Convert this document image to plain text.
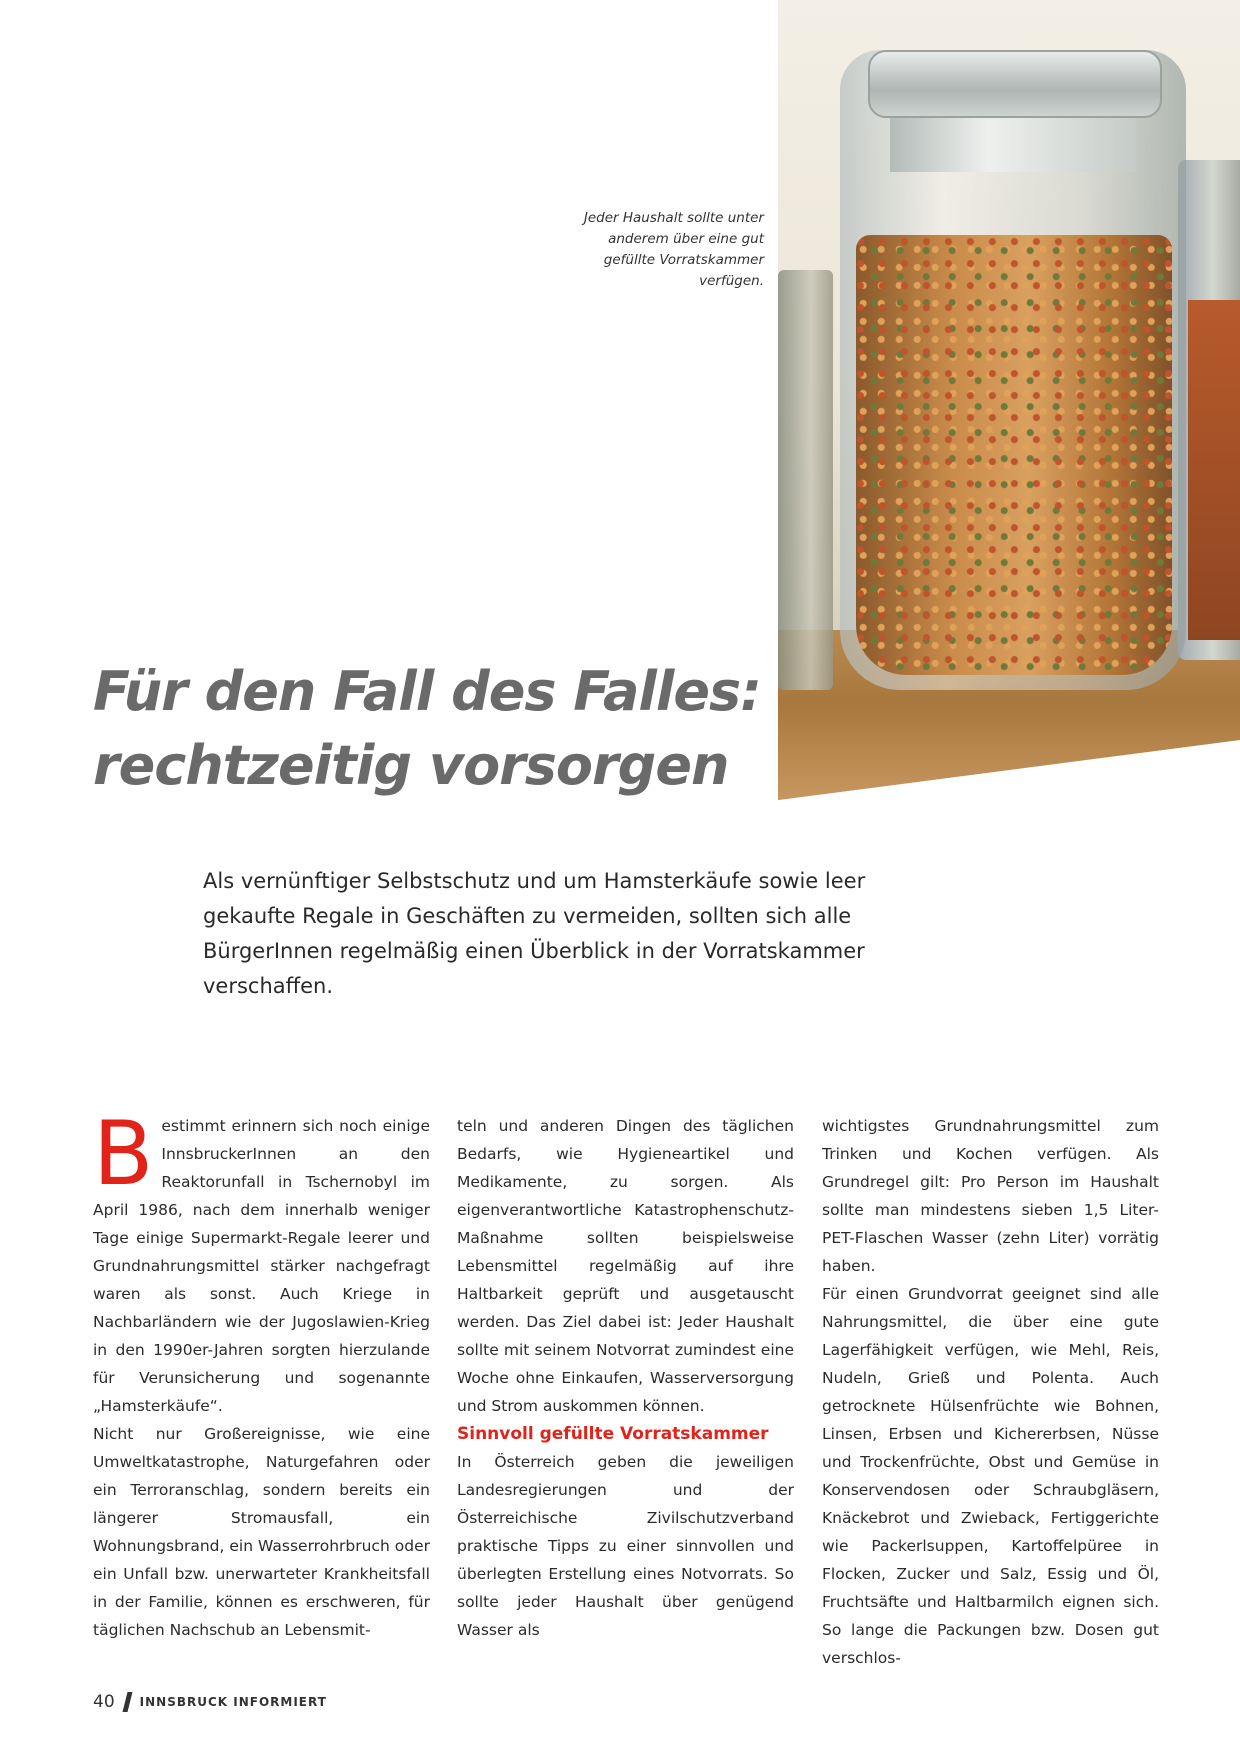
Jeder Haushalt sollte unter
anderem über eine gut
gefüllte Vorratskammer
verfügen.
Für den Fall des Falles:
rechtzeitig vorsorgen

Als vernünftiger Selbstschutz und um Hamsterkäufe sowie leer gekaufte Regale in Geschäften zu vermeiden, sollten sich alle BürgerInnen regelmäßig einen Überblick in der Vorratskammer verschaffen.

B estimmt erinnern sich noch einige InnsbruckerInnen an den Reaktorunfall in Tschernobyl im April 1986, nach dem innerhalb weniger Tage einige Supermarkt-Regale leerer und Grundnahrungsmittel stärker nachgefragt waren als sonst. Auch Kriege in Nachbarländern wie der Jugoslawien-Krieg in den 1990er-Jahren sorgten hierzulande für Verunsicherung und sogenannte „Hamsterkäufe“.

Nicht nur Großereignisse, wie eine Umweltkatastrophe, Naturgefahren oder ein Terroranschlag, sondern bereits ein längerer Stromausfall, ein Wohnungsbrand, ein Wasserrohrbruch oder ein Unfall bzw. unerwarteter Krankheitsfall in der Familie, können es erschweren, für täglichen Nachschub an Lebensmit-

teln und anderen Dingen des täglichen Bedarfs, wie Hygieneartikel und Medikamente, zu sorgen. Als eigenverantwortliche Katastrophenschutz-Maßnahme sollten beispielsweise Lebensmittel regelmäßig auf ihre Haltbarkeit geprüft und ausgetauscht werden. Das Ziel dabei ist: Jeder Haushalt sollte mit seinem Notvorrat zumindest eine Woche ohne Einkaufen, Wasserversorgung und Strom auskommen können.

Sinnvoll gefüllte Vorratskammer

In Österreich geben die jeweiligen Landesregierungen und der Österreichische Zivilschutzverband praktische Tipps zu einer sinnvollen und überlegten Erstellung eines Notvorrats. So sollte jeder Haushalt über genügend Wasser als

wichtigstes Grundnahrungsmittel zum Trinken und Kochen verfügen. Als Grundregel gilt: Pro Person im Haushalt sollte man mindestens sieben 1,5 Liter-PET-Flaschen Wasser (zehn Liter) vorrätig haben.

Für einen Grundvorrat geeignet sind alle Nahrungsmittel, die über eine gute Lagerfähigkeit verfügen, wie Mehl, Reis, Nudeln, Grieß und Polenta. Auch getrocknete Hülsenfrüchte wie Bohnen, Linsen, Erbsen und Kichererbsen, Nüsse und Trockenfrüchte, Obst und Gemüse in Konservendosen oder Schraubgläsern, Knäckebrot und Zwieback, Fertiggerichte wie Packerlsuppen, Kartoffelpüree in Flocken, Zucker und Salz, Essig und Öl, Fruchtsäfte und Haltbarmilch eignen sich. So lange die Packungen bzw. Dosen gut verschlos-

40 INNSBRUCK INFORMIERT
